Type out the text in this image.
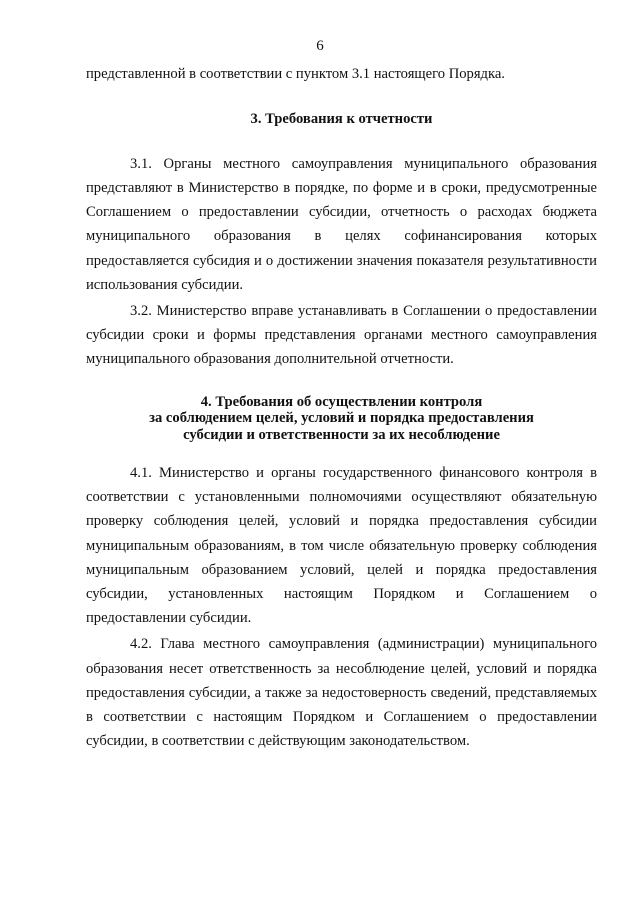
6

представленной в соответствии с пунктом 3.1 настоящего Порядка.

3. Требования к отчетности

3.1. Органы местного самоуправления муниципального образования представляют в Министерство в порядке, по форме и в сроки, предусмотренные Соглашением о предоставлении субсидии, отчетность о расходах бюджета муниципального образования в целях софинансирования которых предоставляется субсидия и о достижении значения показателя результативности использования субсидии.

3.2. Министерство вправе устанавливать в Соглашении о предоставлении субсидии сроки и формы представления органами местного самоуправления муниципального образования дополнительной отчетности.

4. Требования об осуществлении контроля
за соблюдением целей, условий и порядка предоставления
субсидии и ответственности за их несоблюдение

4.1. Министерство и органы государственного финансового контроля в соответствии с установленными полномочиями осуществляют обязательную проверку соблюдения целей, условий и порядка предоставления субсидии муниципальным образованиям, в том числе обязательную проверку соблюдения муниципальным образованием условий, целей и порядка предоставления субсидии, установленных настоящим Порядком и Соглашением о предоставлении субсидии.

4.2. Глава местного самоуправления (администрации) муниципального образования несет ответственность за несоблюдение целей, условий и порядка предоставления субсидии, а также за недостоверность сведений, представляемых в соответствии с настоящим Порядком и Соглашением о предоставлении субсидии, в соответствии с действующим законодательством.
